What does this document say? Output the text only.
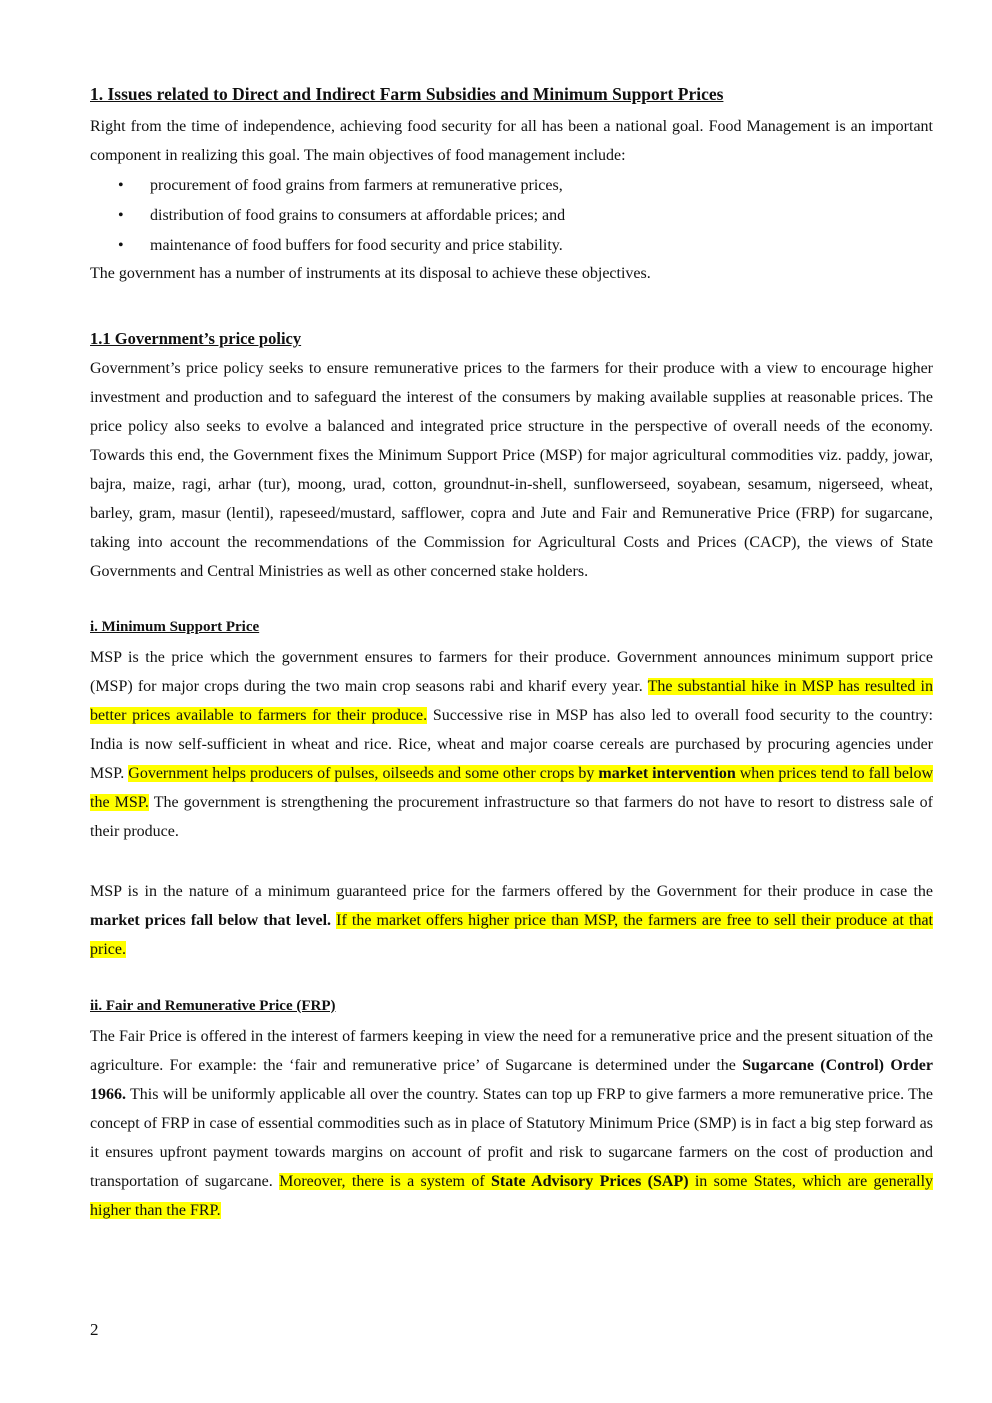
1. Issues related to Direct and Indirect Farm Subsidies and Minimum Support Prices
Right from the time of independence, achieving food security for all has been a national goal. Food Management is an important component in realizing this goal. The main objectives of food management include:
• procurement of food grains from farmers at remunerative prices,
• distribution of food grains to consumers at affordable prices; and
• maintenance of food buffers for food security and price stability.
The government has a number of instruments at its disposal to achieve these objectives.
1.1 Government’s price policy
Government’s price policy seeks to ensure remunerative prices to the farmers for their produce with a view to encourage higher investment and production and to safeguard the interest of the consumers by making available supplies at reasonable prices. The price policy also seeks to evolve a balanced and integrated price structure in the perspective of overall needs of the economy. Towards this end, the Government fixes the Minimum Support Price (MSP) for major agricultural commodities viz. paddy, jowar, bajra, maize, ragi, arhar (tur), moong, urad, cotton, groundnut-in-shell, sunflowerseed, soyabean, sesamum, nigerseed, wheat, barley, gram, masur (lentil), rapeseed/mustard, safflower, copra and Jute and Fair and Remunerative Price (FRP) for sugarcane, taking into account the recommendations of the Commission for Agricultural Costs and Prices (CACP), the views of State Governments and Central Ministries as well as other concerned stake holders.
i. Minimum Support Price
MSP is the price which the government ensures to farmers for their produce. Government announces minimum support price (MSP) for major crops during the two main crop seasons rabi and kharif every year. The substantial hike in MSP has resulted in better prices available to farmers for their produce. Successive rise in MSP has also led to overall food security to the country: India is now self-sufficient in wheat and rice. Rice, wheat and major coarse cereals are purchased by procuring agencies under MSP. Government helps producers of pulses, oilseeds and some other crops by market intervention when prices tend to fall below the MSP. The government is strengthening the procurement infrastructure so that farmers do not have to resort to distress sale of their produce.
MSP is in the nature of a minimum guaranteed price for the farmers offered by the Government for their produce in case the market prices fall below that level. If the market offers higher price than MSP, the farmers are free to sell their produce at that price.
ii. Fair and Remunerative Price (FRP)
The Fair Price is offered in the interest of farmers keeping in view the need for a remunerative price and the present situation of the agriculture. For example: the ‘fair and remunerative price’ of Sugarcane is determined under the Sugarcane (Control) Order 1966. This will be uniformly applicable all over the country. States can top up FRP to give farmers a more remunerative price. The concept of FRP in case of essential commodities such as in place of Statutory Minimum Price (SMP) is in fact a big step forward as it ensures upfront payment towards margins on account of profit and risk to sugarcane farmers on the cost of production and transportation of sugarcane. Moreover, there is a system of State Advisory Prices (SAP) in some States, which are generally higher than the FRP.
2
